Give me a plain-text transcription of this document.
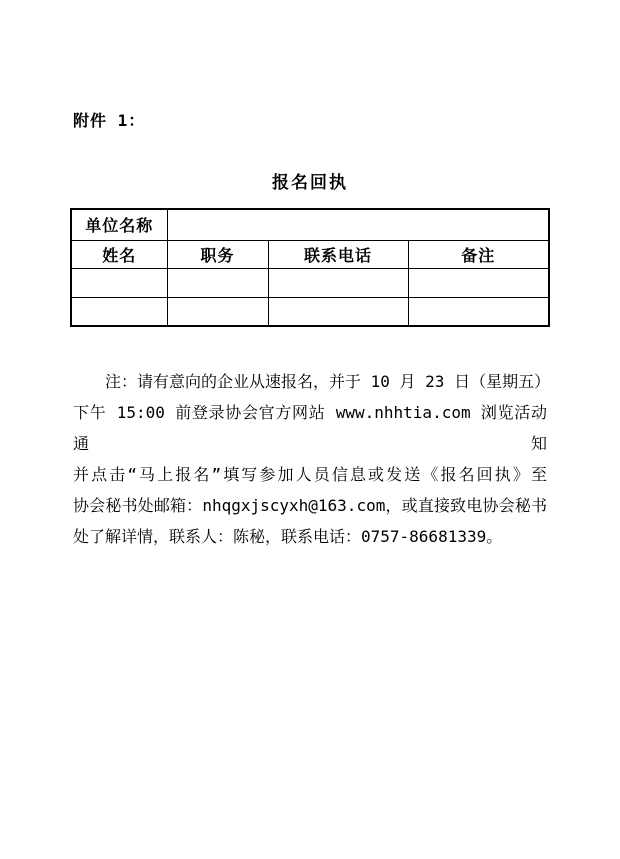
附件 1：
报名回执
单位名称			
姓名	职务	联系电话	备注

注：请有意向的企业从速报名，并于 10 月 23 日（星期五）
下午 15:00 前登录协会官方网站 www.nhhtia.com 浏览活动通知
并点击“马上报名”填写参加人员信息或发送《报名回执》至
协会秘书处邮箱：nhqgxjscyxh@163.com，或直接致电协会秘书
处了解详情，联系人：陈秘，联系电话：0757-86681339。
